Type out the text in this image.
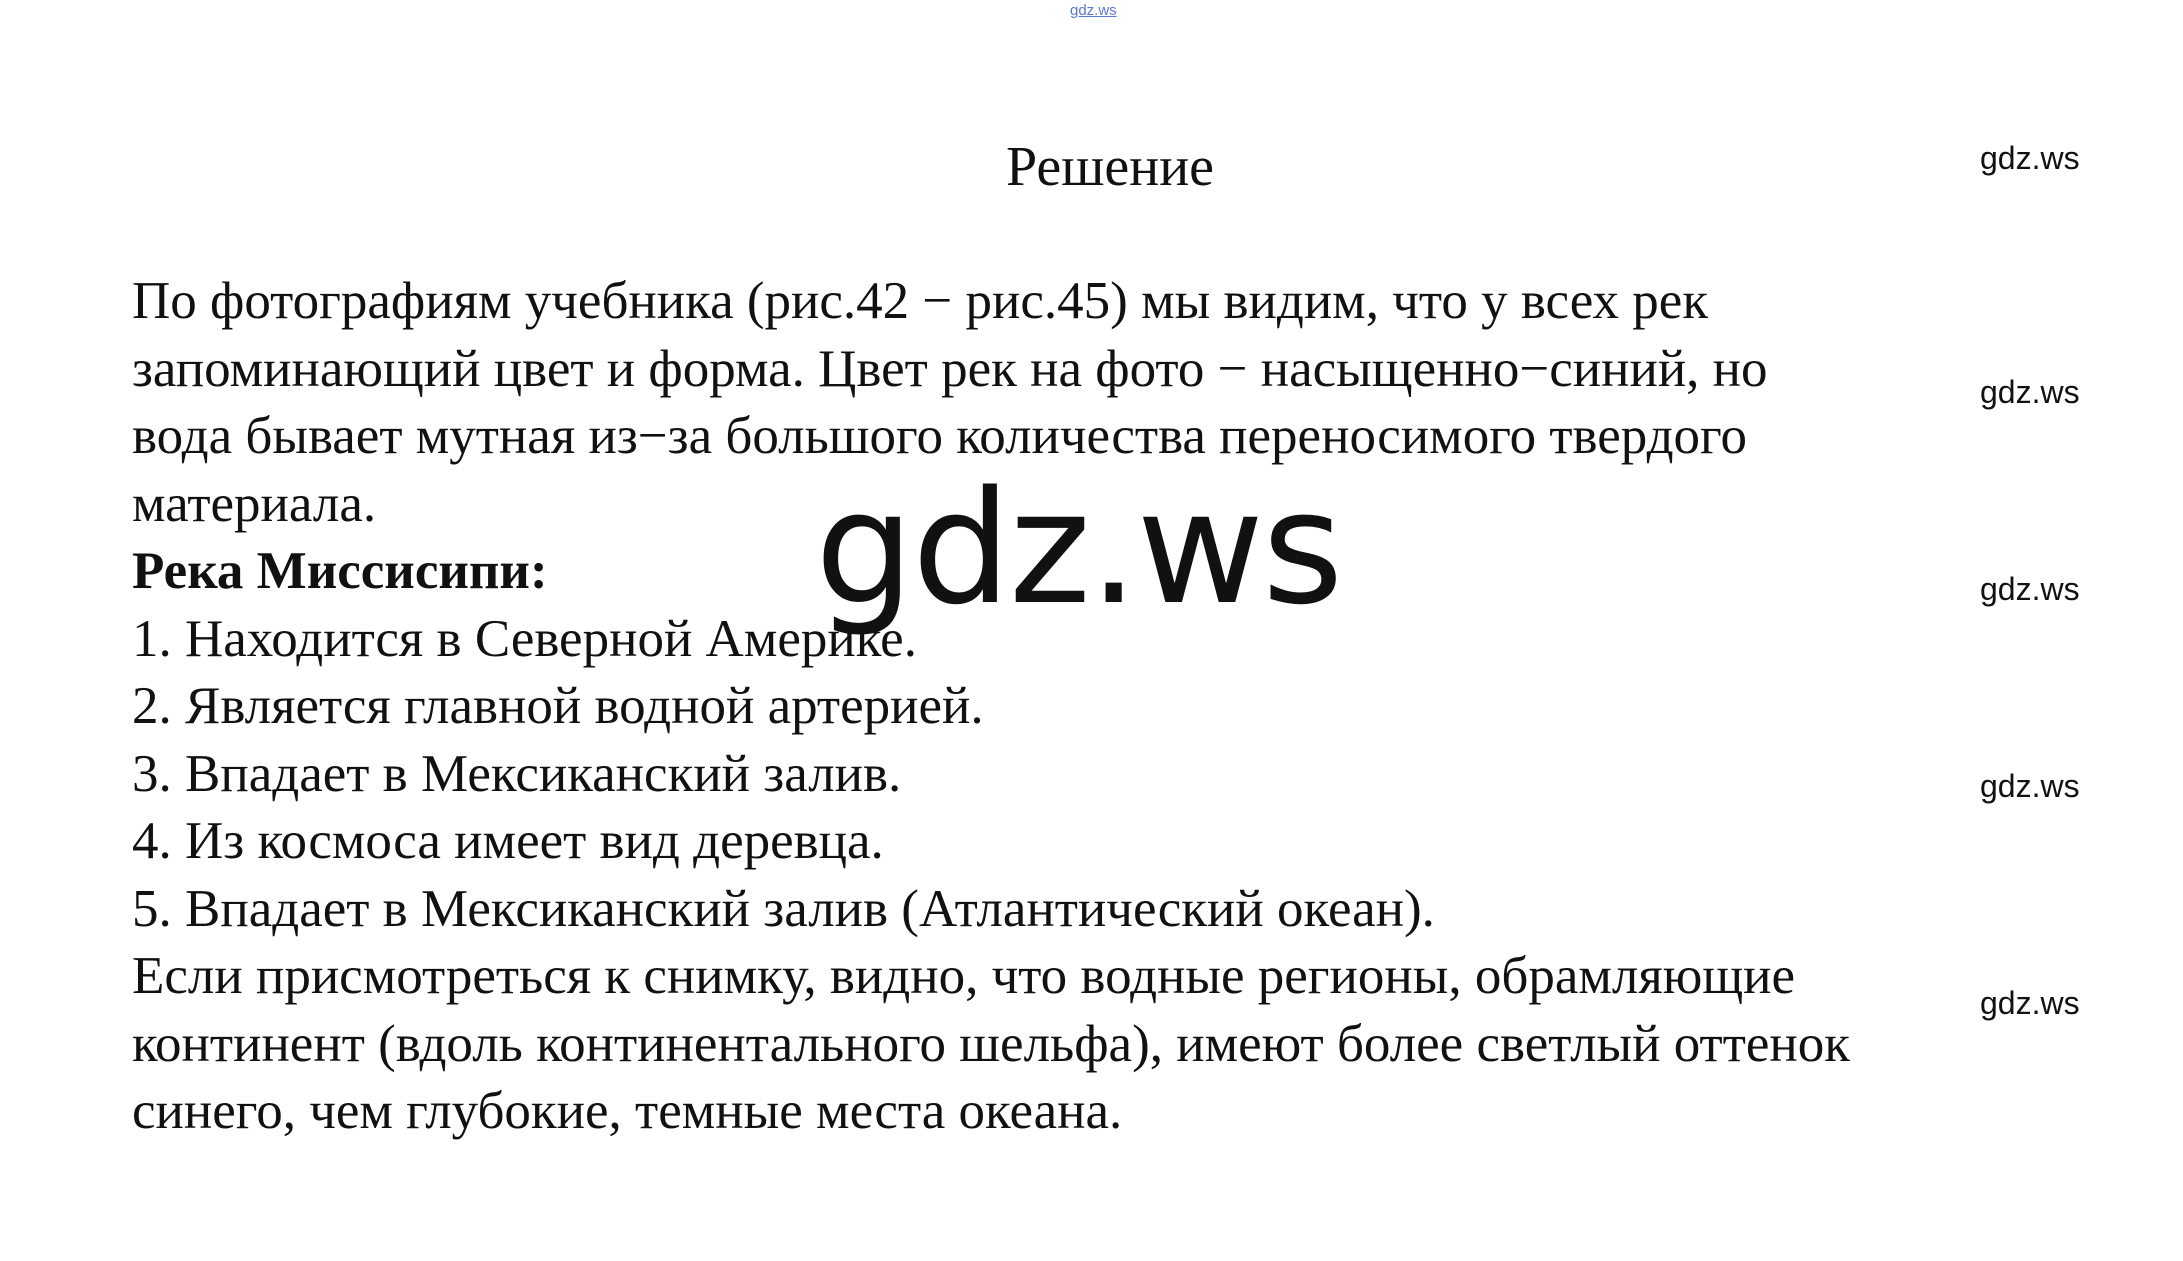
gdz.ws
gdz.ws
gdz.ws
gdz.ws
gdz.ws
gdz.ws
Решение
По фотографиям учебника (рис.42 − рис.45) мы видим, что у всех рек
запоминающий цвет и форма. Цвет рек на фото − насыщенно−синий, но
вода бывает мутная из−за большого количества переносимого твердого
материала.
Река Миссисипи:
1. Находится в Северной Америке.
2. Является главной водной артерией.
3. Впадает в Мексиканский залив.
4. Из космоса имеет вид деревца.
5. Впадает в Мексиканский залив (Атлантический океан).
Если присмотреться к снимку, видно, что водные регионы, обрамляющие
континент (вдоль континентального шельфа), имеют более светлый оттенок
синего, чем глубокие, темные места океана.
gdz.ws
